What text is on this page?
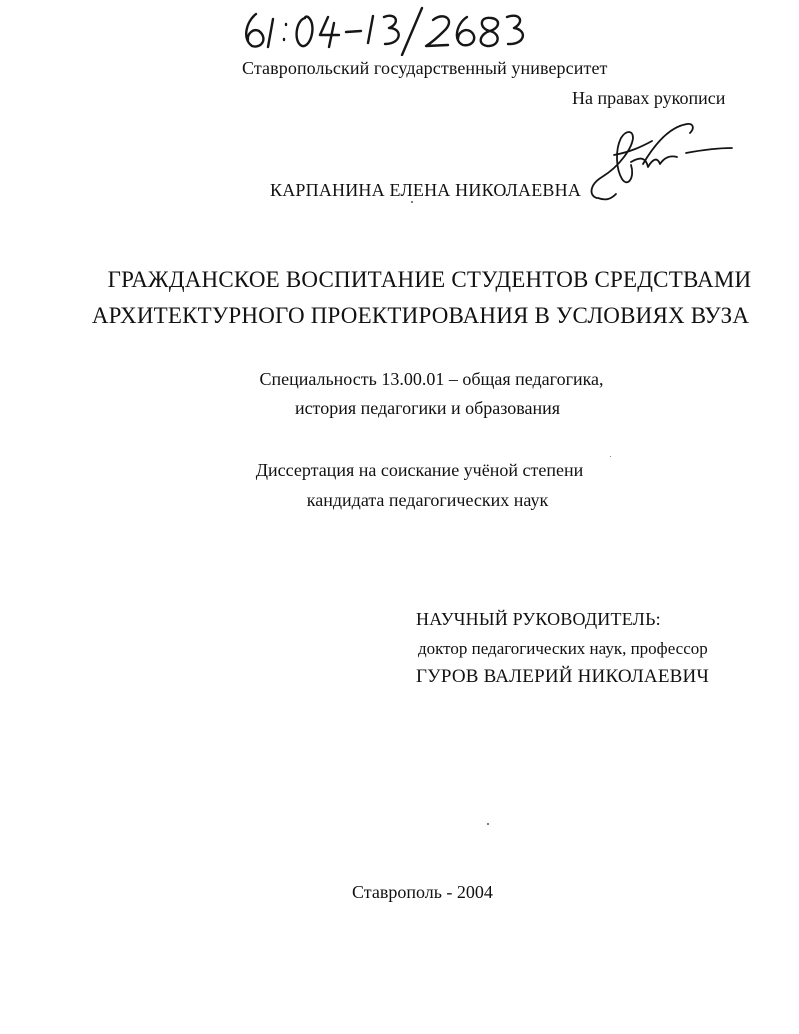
Ставропольский государственный университет
На правах рукописи
КАРПАНИНА ЕЛЕНА НИКОЛАЕВНА
ГРАЖДАНСКОЕ ВОСПИТАНИЕ СТУДЕНТОВ СРЕДСТВАМИ
АРХИТЕКТУРНОГО ПРОЕКТИРОВАНИЯ В УСЛОВИЯХ ВУЗА
Специальность 13.00.01 – общая педагогика,
история педагогики и образования
Диссертация на соискание учёной степени
кандидата педагогических наук
НАУЧНЫЙ РУКОВОДИТЕЛЬ:
доктор педагогических наук, профессор
ГУРОВ ВАЛЕРИЙ НИКОЛАЕВИЧ
Ставрополь - 2004
